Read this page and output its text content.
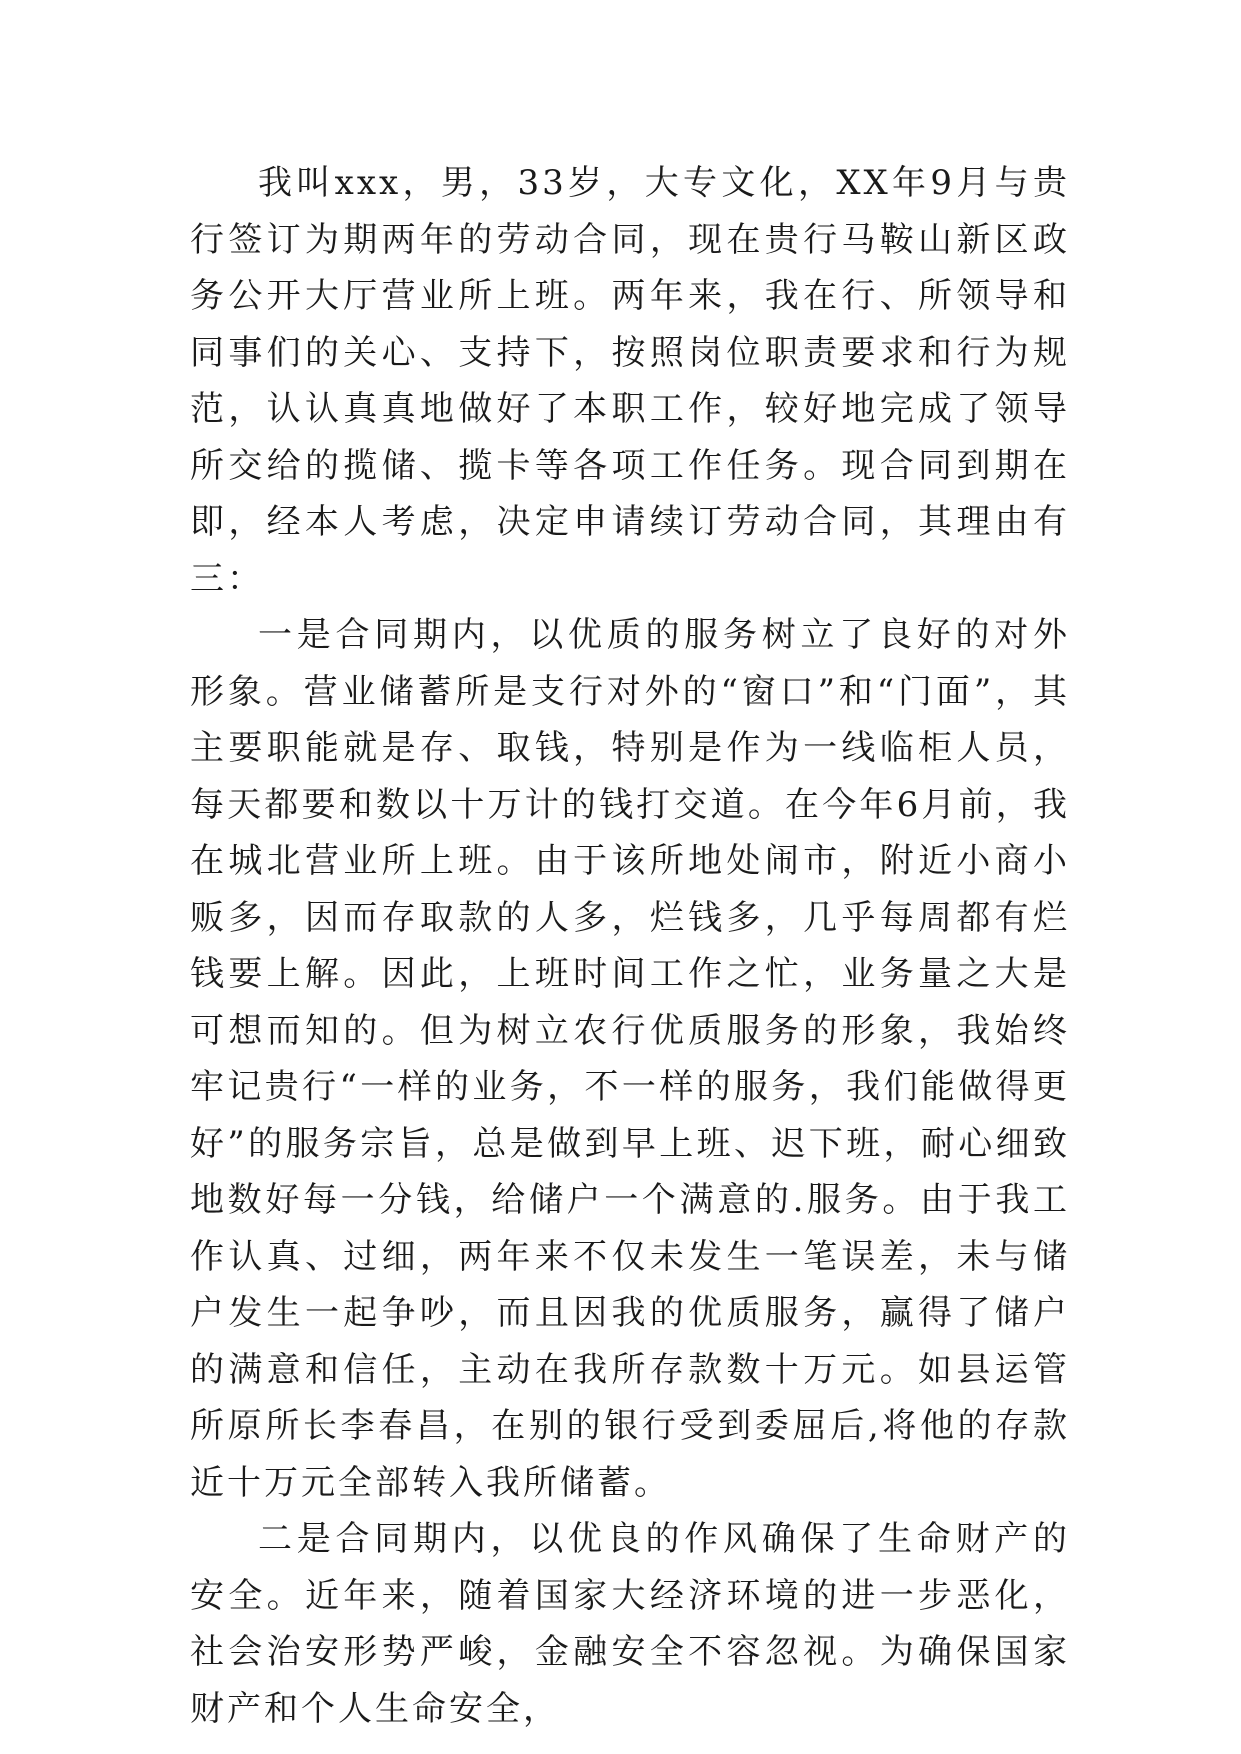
我叫xxx，男，33岁，大专文化，XX年9月与贵行签订为期两年的劳动合同，现在贵行马鞍山新区政务公开大厅营业所上班。两年来，我在行、所领导和同事们的关心、支持下，按照岗位职责要求和行为规范，认认真真地做好了本职工作，较好地完成了领导所交给的揽储、揽卡等各项工作任务。现合同到期在即，经本人考虑，决定申请续订劳动合同，其理由有三：

一是合同期内，以优质的服务树立了良好的对外形象。营业储蓄所是支行对外的“窗口”和“门面”，其主要职能就是存、取钱，特别是作为一线临柜人员，每天都要和数以十万计的钱打交道。在今年6月前，我在城北营业所上班。由于该所地处闹市，附近小商小贩多，因而存取款的人多，烂钱多，几乎每周都有烂钱要上解。因此，上班时间工作之忙，业务量之大是可想而知的。但为树立农行优质服务的形象，我始终牢记贵行“一样的业务，不一样的服务，我们能做得更好”的服务宗旨，总是做到早上班、迟下班，耐心细致地数好每一分钱，给储户一个满意的.服务。由于我工作认真、过细，两年来不仅未发生一笔误差，未与储户发生一起争吵，而且因我的优质服务，赢得了储户的满意和信任，主动在我所存款数十万元。如县运管所原所长李春昌，在别的银行受到委屈后,将他的存款近十万元全部转入我所储蓄。

二是合同期内，以优良的作风确保了生命财产的安全。近年来，随着国家大经济环境的进一步恶化，社会治安形势严峻，金融安全不容忽视。为确保国家财产和个人生命安全，
